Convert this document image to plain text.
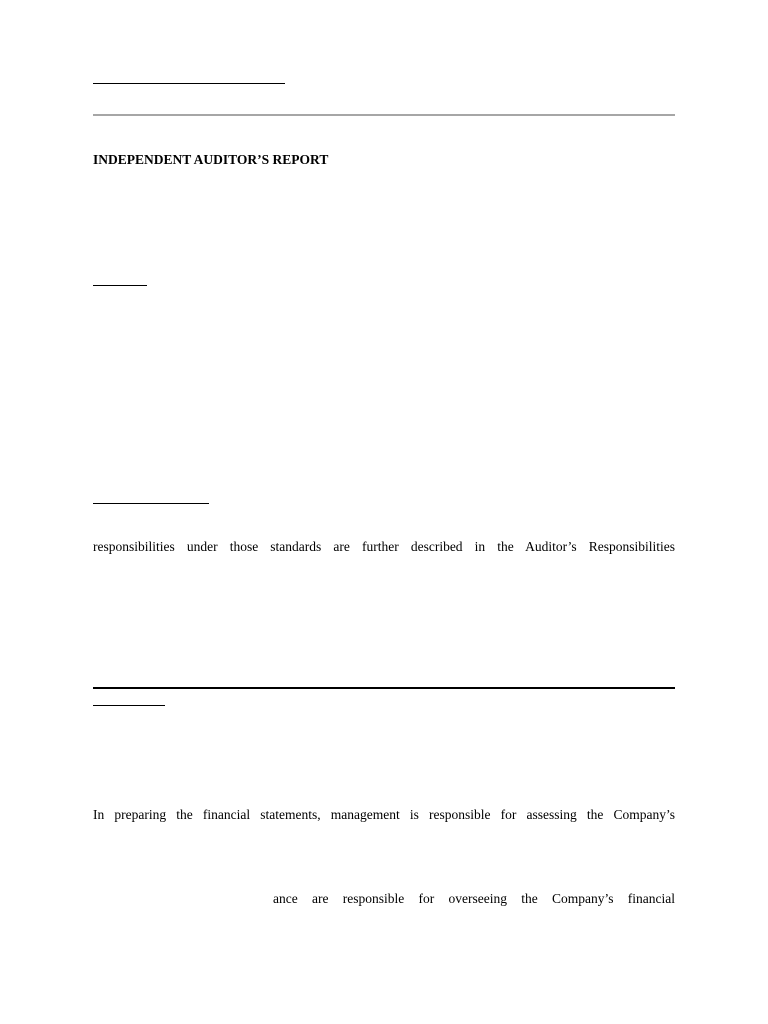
INDEPENDENT AUDITOR’S REPORT
responsibilities under those standards are further described in the Auditor’s Responsibilities
In preparing the financial statements, management is responsible for assessing the Company’s
ance are responsible for overseeing the Company’s financial
